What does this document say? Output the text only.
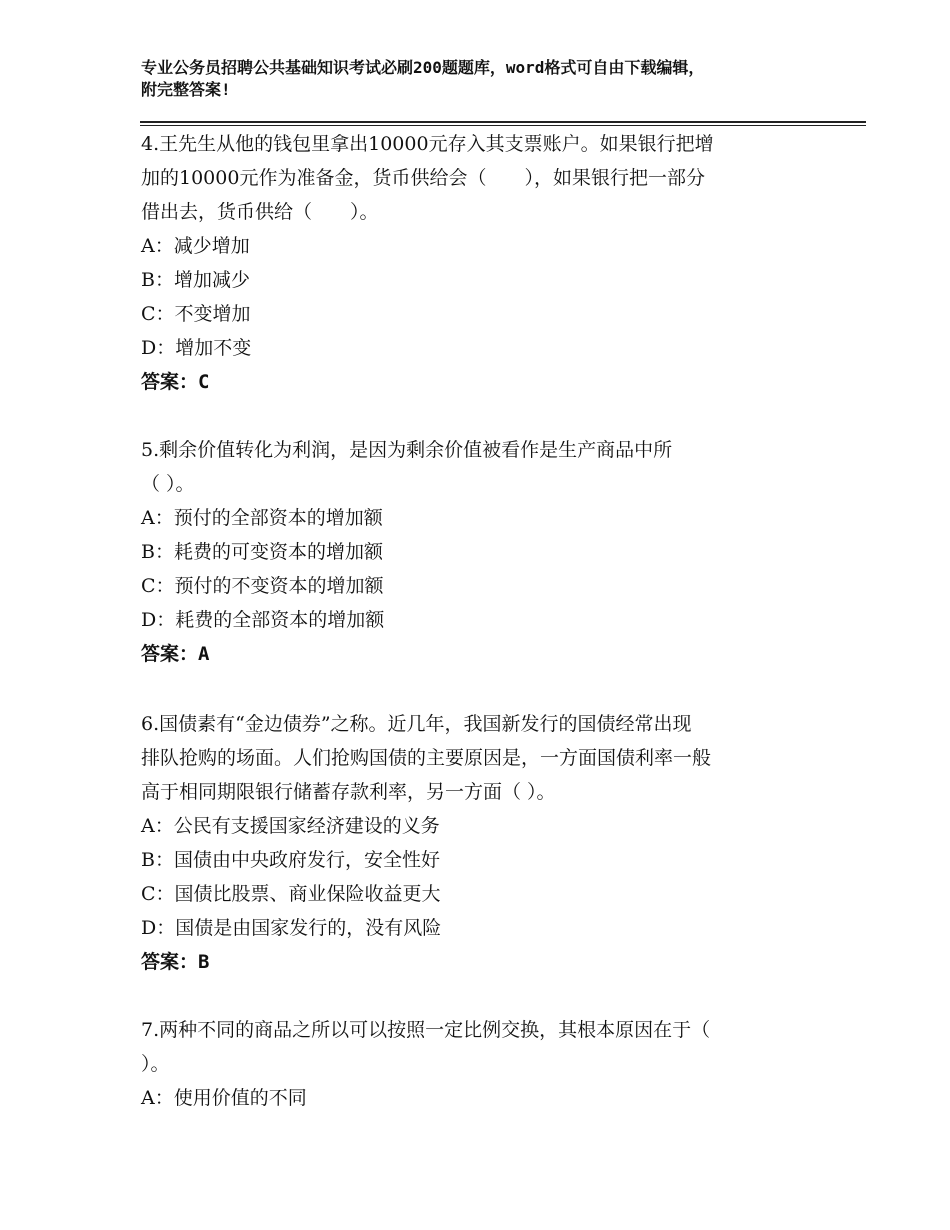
专业公务员招聘公共基础知识考试必刷200题题库，word格式可自由下载编辑，
附完整答案!

4.王先生从他的钱包里拿出10000元存入其支票账户。如果银行把增

加的10000元作为准备金，货币供给会（　　），如果银行把一部分

借出去，货币供给（　　）。

A：减少增加

B：增加减少

C：不变增加

D：增加不变

答案：C

5.剩余价值转化为利润，是因为剩余价值被看作是生产商品中所

（ ）。

A：预付的全部资本的增加额

B：耗费的可变资本的增加额

C：预付的不变资本的增加额

D：耗费的全部资本的增加额

答案：A

6.国债素有“金边债券”之称。近几年，我国新发行的国债经常出现

排队抢购的场面。人们抢购国债的主要原因是，一方面国债利率一般

高于相同期限银行储蓄存款利率，另一方面（ ）。

A：公民有支援国家经济建设的义务

B：国债由中央政府发行，安全性好

C：国债比股票、商业保险收益更大

D：国债是由国家发行的，没有风险

答案：B

7.两种不同的商品之所以可以按照一定比例交换，其根本原因在于（

）。

A：使用价值的不同
